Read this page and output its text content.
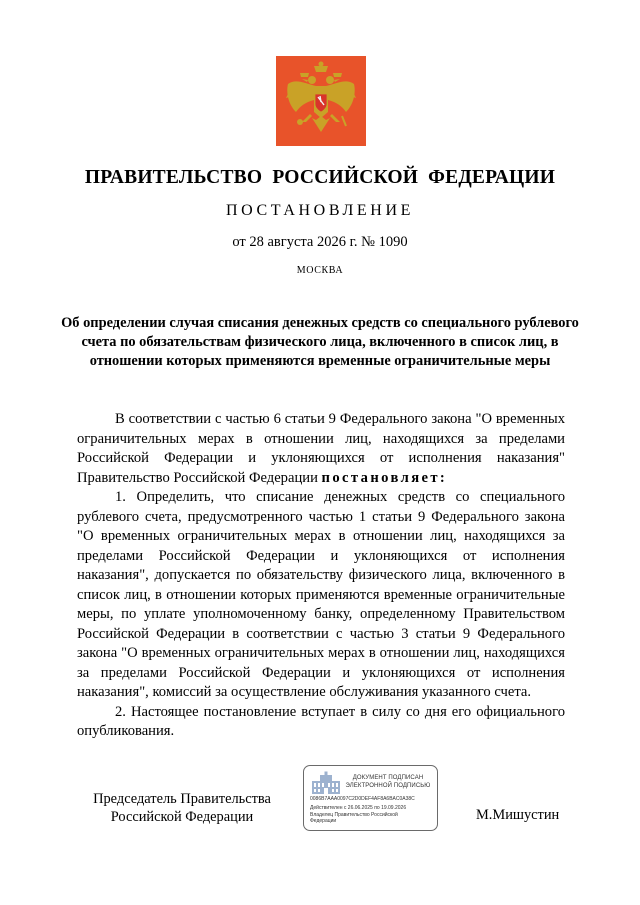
ПРАВИТЕЛЬСТВО РОССИЙСКОЙ ФЕДЕРАЦИИ
ПОСТАНОВЛЕНИЕ
от 28 августа 2026 г. № 1090
МОСКВА
Об определении случая списания денежных средств со специального рублевого счета по обязательствам физического лица, включенного в список лиц, в отношении которых применяются временные ограничительные меры

В соответствии с частью 6 статьи 9 Федерального закона "О временных ограничительных мерах в отношении лиц, находящихся за пределами Российской Федерации и уклоняющихся от исполнения наказания" Правительство Российской Федерации постановляет:

1. Определить, что списание денежных средств со специального рублевого счета, предусмотренного частью 1 статьи 9 Федерального закона "О временных ограничительных мерах в отношении лиц, находящихся за пределами Российской Федерации и уклоняющихся от исполнения наказания", допускается по обязательству физического лица, включенного в список лиц, в отношении которых применяются временные ограничительные меры, по уплате уполномоченному банку, определенному Правительством Российской Федерации в соответствии с частью 3 статьи 9 Федерального закона "О временных ограничительных мерах в отношении лиц, находящихся за пределами Российской Федерации и уклоняющихся от исполнения наказания", комиссий за осуществление обслуживания указанного счета.

2. Настоящее постановление вступает в силу со дня его официального опубликования.

Председатель Правительства
Российской Федерации
ДОКУМЕНТ ПОДПИСАН
ЭЛЕКТРОННОЙ ПОДПИСЬЮ
0086B7AAA0097C2D0DEF4AF8A6BAC0A38C
Действителен с 26.06.2025 по 19.09.2026
Владелец Правительство Российской
Федерации	М.Мишустин
